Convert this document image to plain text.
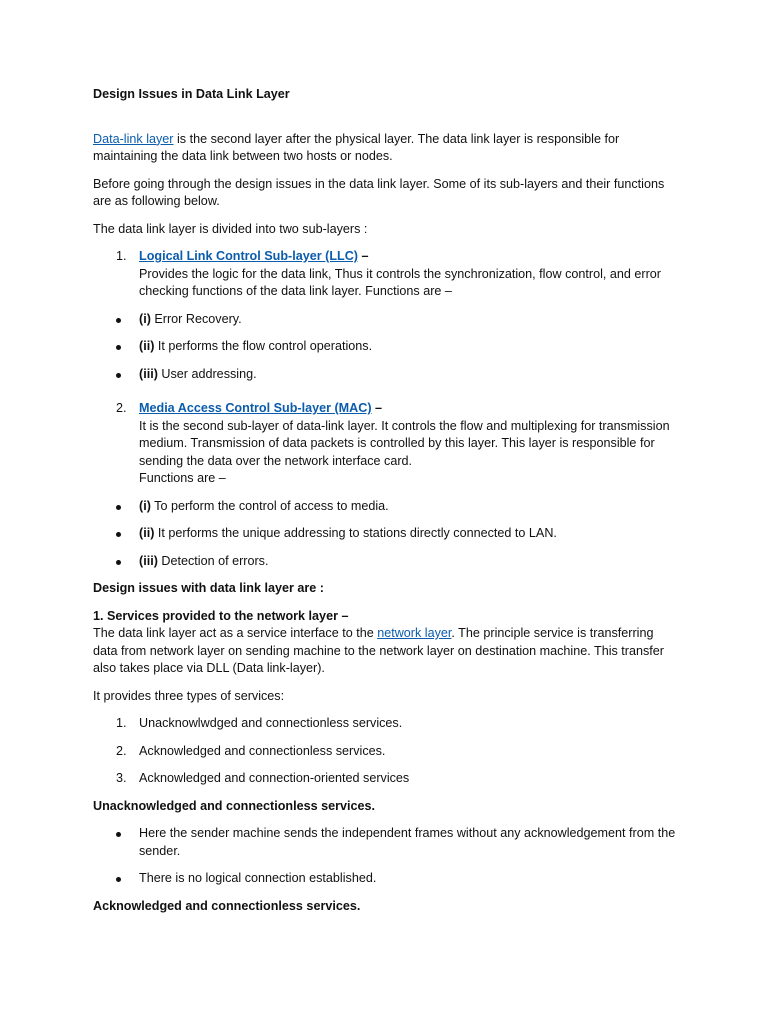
Design Issues in Data Link Layer

Data-link layer is the second layer after the physical layer. The data link layer is responsible for maintaining the data link between two hosts or nodes.

Before going through the design issues in the data link layer. Some of its sub-layers and their functions are as following below.

The data link layer is divided into two sub-layers :

1. Logical Link Control Sub-layer (LLC) –

Provides the logic for the data link, Thus it controls the synchronization, flow control, and error checking functions of the data link layer. Functions are –

(i) Error Recovery.
(ii) It performs the flow control operations.
(iii) User addressing.
2. Media Access Control Sub-layer (MAC) –

It is the second sub-layer of data-link layer. It controls the flow and multiplexing for transmission medium. Transmission of data packets is controlled by this layer. This layer is responsible for sending the data over the network interface card.

Functions are –

(i) To perform the control of access to media.
(ii) It performs the unique addressing to stations directly connected to LAN.
(iii) Detection of errors.

Design issues with data link layer are :

1. Services provided to the network layer –

The data link layer act as a service interface to the network layer. The principle service is transferring data from network layer on sending machine to the network layer on destination machine. This transfer also takes place via DLL (Data link-layer).

It provides three types of services:

1. Unacknowlwdged and connectionless services.
2. Acknowledged and connectionless services.
3. Acknowledged and connection-oriented services

Unacknowledged and connectionless services.

Here the sender machine sends the independent frames without any acknowledgement from the sender.
There is no logical connection established.

Acknowledged and connectionless services.
